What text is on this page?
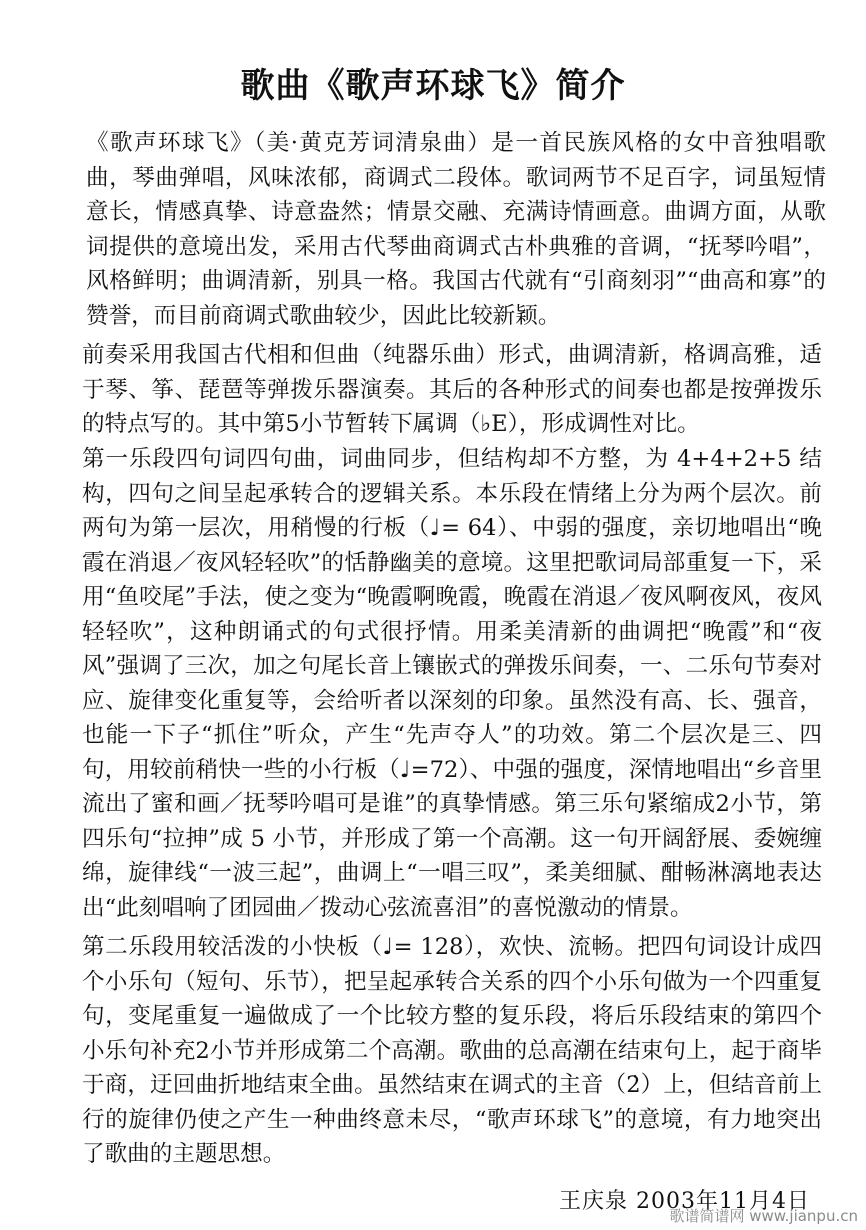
歌曲《歌声环球飞》简介

《歌声环球飞》（美·黄克芳词清泉曲）是一首民族风格的女中音独唱歌曲，琴曲弹唱，风味浓郁，商调式二段体。歌词两节不足百字，词虽短情意长，情感真挚、诗意盎然；情景交融、充满诗情画意。曲调方面，从歌词提供的意境出发，采用古代琴曲商调式古朴典雅的音调，“抚琴吟唱”，风格鲜明；曲调清新，别具一格。我国古代就有“引商刻羽”“曲高和寡”的赞誉，而目前商调式歌曲较少，因此比较新颖。

前奏采用我国古代相和但曲（纯器乐曲）形式，曲调清新，格调高雅，适于琴、筝、琵琶等弹拨乐器演奏。其后的各种形式的间奏也都是按弹拨乐的特点写的。其中第5小节暂转下属调（♭E），形成调性对比。

第一乐段四句词四句曲，词曲同步，但结构却不方整，为 4+4+2+5 结构，四句之间呈起承转合的逻辑关系。本乐段在情绪上分为两个层次。前两句为第一层次，用稍慢的行板（♩= 64）、中弱的强度，亲切地唱出“晚霞在消退／夜风轻轻吹”的恬静幽美的意境。这里把歌词局部重复一下，采用“鱼咬尾”手法，使之变为“晚霞啊晚霞，晚霞在消退／夜风啊夜风，夜风轻轻吹”，这种朗诵式的句式很抒情。用柔美清新的曲调把“晚霞”和“夜风”强调了三次，加之句尾长音上镶嵌式的弹拨乐间奏，一、二乐句节奏对应、旋律变化重复等，会给听者以深刻的印象。虽然没有高、长、强音，也能一下子“抓住”听众，产生“先声夺人”的功效。第二个层次是三、四句，用较前稍快一些的小行板（♩=72）、中强的强度，深情地唱出“乡音里流出了蜜和画／抚琴吟唱可是谁”的真挚情感。第三乐句紧缩成2小节，第四乐句“拉抻”成 5 小节，并形成了第一个高潮。这一句开阔舒展、委婉缠绵，旋律线“一波三起”，曲调上“一唱三叹”，柔美细腻、酣畅淋漓地表达出“此刻唱响了团园曲／拨动心弦流喜泪”的喜悦激动的情景。

第二乐段用较活泼的小快板（♩= 128），欢快、流畅。把四句词设计成四个小乐句（短句、乐节），把呈起承转合关系的四个小乐句做为一个四重复句，变尾重复一遍做成了一个比较方整的复乐段，将后乐段结束的第四个小乐句补充2小节并形成第二个高潮。歌曲的总高潮在结束句上，起于商毕于商，迂回曲折地结束全曲。虽然结束在调式的主音（2̇）上，但结音前上行的旋律仍使之产生一种曲终意未尽，“歌声环球飞”的意境，有力地突出了歌曲的主题思想。

王庆泉 2003年11月4日
歌谱简谱网 www.jianpu.cn
